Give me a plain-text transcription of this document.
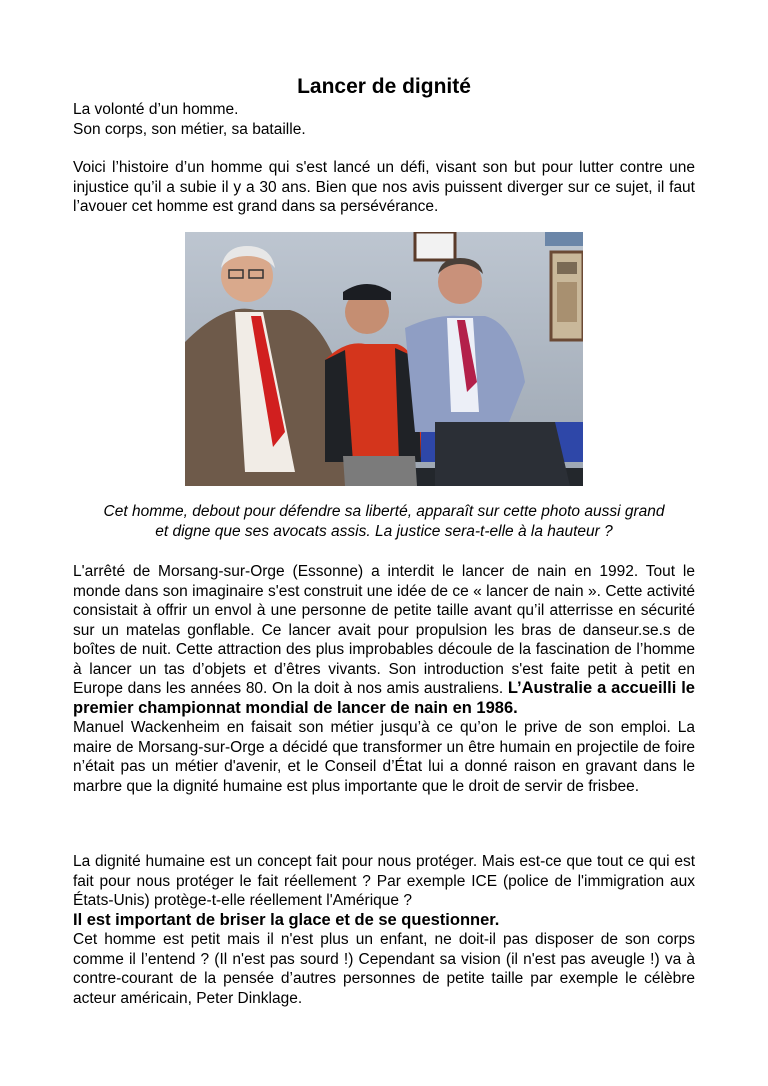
Lancer de dignité
La volonté d’un homme.
Son corps, son métier, sa bataille.

Voici l’histoire d’un homme qui s'est lancé un défi, visant son but pour lutter contre une injustice qu’il a subie il y a 30 ans. Bien que nos avis puissent diverger sur ce sujet, il faut l’avouer cet homme est grand dans sa persévérance.

Cet homme, debout pour défendre sa liberté, apparaît sur cette photo aussi grand
et digne que ses avocats assis. La justice sera-t-elle à la hauteur ?

L'arrêté de Morsang-sur-Orge (Essonne) a interdit le lancer de nain en 1992. Tout le monde dans son imaginaire s'est construit une idée de ce « lancer de nain ». Cette activité consistait à offrir un envol à une personne de petite taille avant qu’il atterrisse en sécurité sur un matelas gonflable. Ce lancer avait pour propulsion les bras de danseur.se.s de boîtes de nuit. Cette attraction des plus improbables découle de la fascination de l’homme à lancer un tas d’objets et d’êtres vivants. Son introduction s'est faite petit à petit en Europe dans les années 80. On la doit à nos amis australiens. L’Australie a accueilli le premier championnat mondial de lancer de nain en 1986.

Manuel Wackenheim en faisait son métier jusqu’à ce qu’on le prive de son emploi. La maire de Morsang-sur-Orge a décidé que transformer un être humain en projectile de foire n’était pas un métier d'avenir, et le Conseil d’État lui a donné raison en gravant dans le marbre que la dignité humaine est plus importante que le droit de servir de frisbee.

La dignité humaine est un concept fait pour nous protéger. Mais est-ce que tout ce qui est fait pour nous protéger le fait réellement ? Par exemple ICE (police de l'immigration aux États-Unis) protège-t-elle réellement l'Amérique ?

Il est important de briser la glace et de se questionner.

Cet homme est petit mais il n'est plus un enfant, ne doit-il pas disposer de son corps comme il l’entend ? (Il n'est pas sourd !) Cependant sa vision (il n'est pas aveugle !) va à contre-courant de la pensée d’autres personnes de petite taille par exemple le célèbre acteur américain, Peter Dinklage.
